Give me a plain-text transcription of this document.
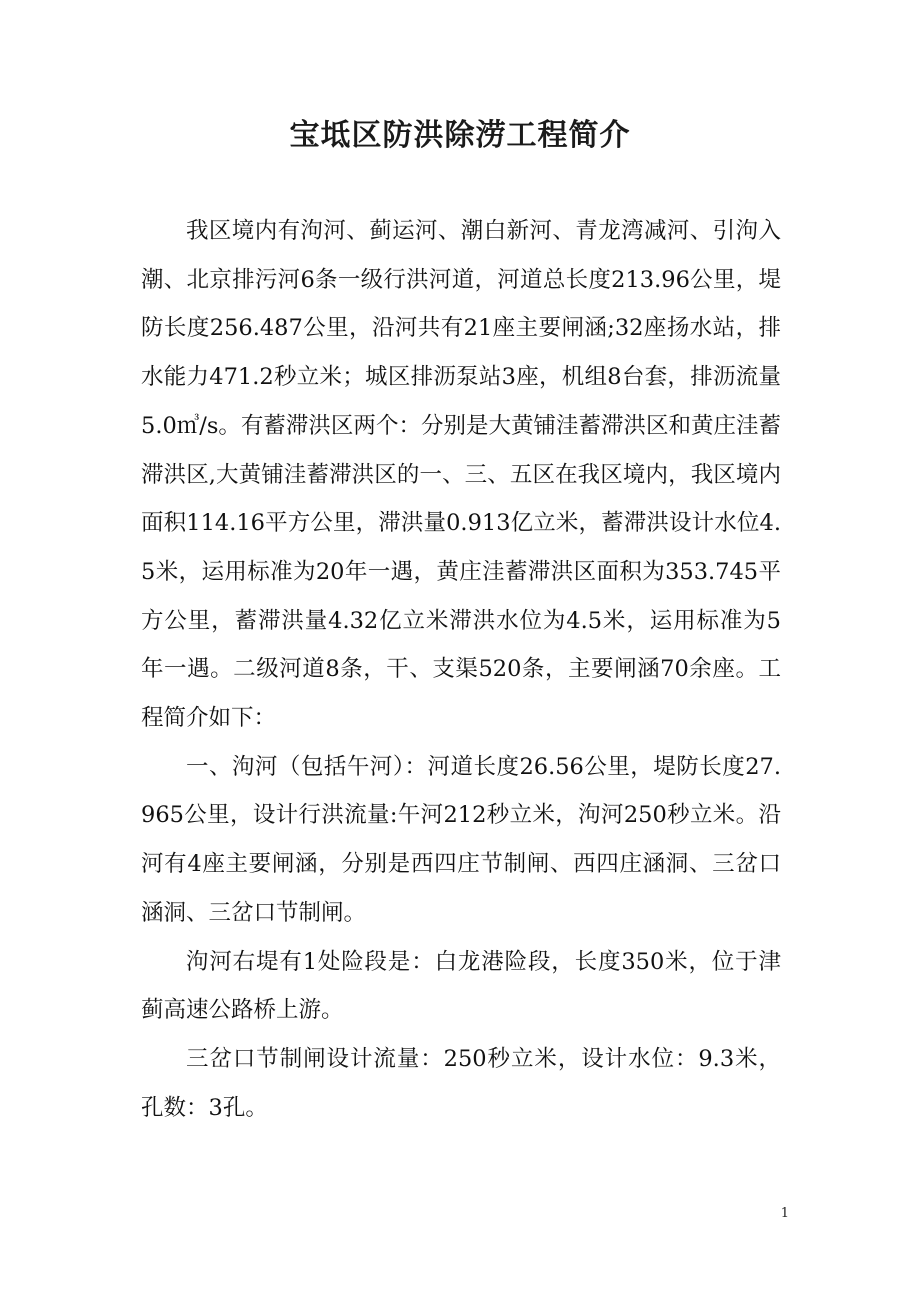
宝坻区防洪除涝工程简介

我区境内有泃河、蓟运河、潮白新河、青龙湾减河、引泃入潮、北京排污河6条一级行洪河道，河道总长度213.96公里，堤防长度256.487公里，沿河共有21座主要闸涵;32座扬水站，排水能力471.2秒立米；城区排沥泵站3座，机组8台套，排沥流量5.0㎥/s。有蓄滞洪区两个：分别是大黄铺洼蓄滞洪区和黄庄洼蓄滞洪区,大黄铺洼蓄滞洪区的一、三、五区在我区境内，我区境内面积114.16平方公里，滞洪量0.913亿立米，蓄滞洪设计水位4.5米，运用标准为20年一遇，黄庄洼蓄滞洪区面积为353.745平方公里，蓄滞洪量4.32亿立米滞洪水位为4.5米，运用标准为5年一遇。二级河道8条，干、支渠520条，主要闸涵70余座。工程简介如下：

一、泃河（包括午河）：河道长度26.56公里，堤防长度27.965公里，设计行洪流量:午河212秒立米，泃河250秒立米。沿河有4座主要闸涵，分别是西四庄节制闸、西四庄涵洞、三岔口涵洞、三岔口节制闸。

泃河右堤有1处险段是：白龙港险段，长度350米，位于津蓟高速公路桥上游。

三岔口节制闸设计流量：250秒立米，设计水位：9.3米，孔数：3孔。

1
